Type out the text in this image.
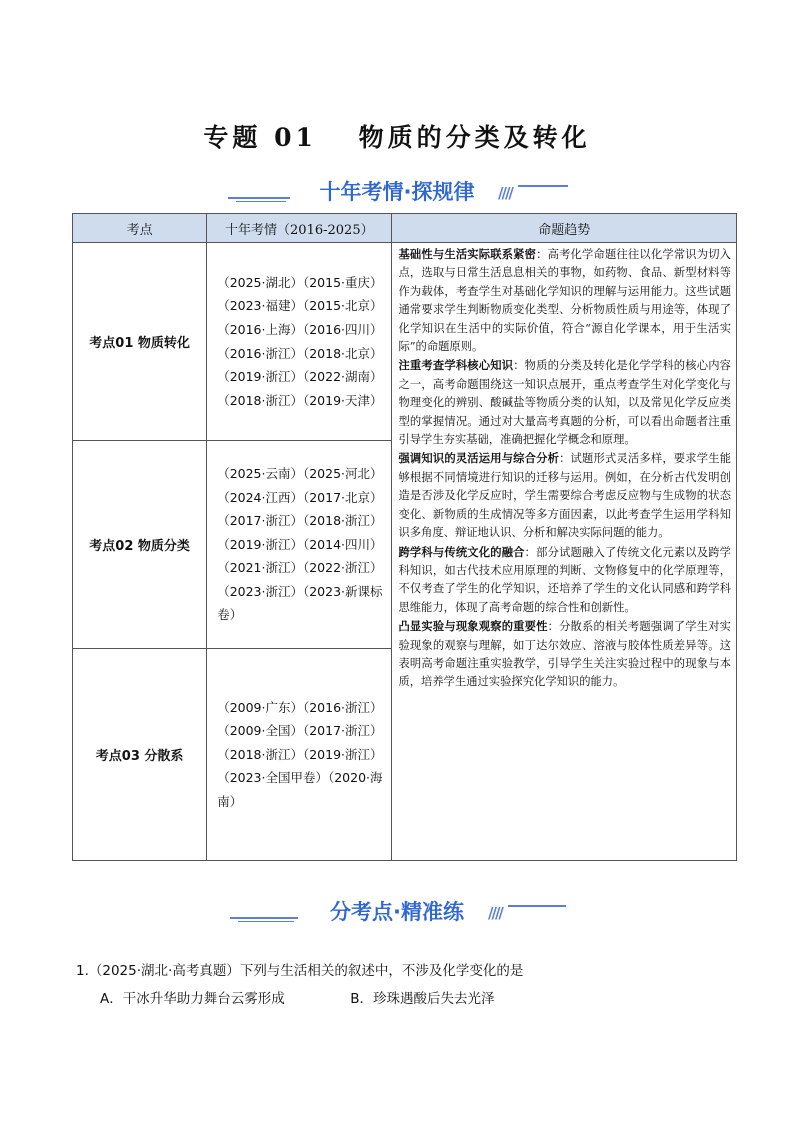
专题 01　 物质的分类及转化
十年考情·探规律	////
考点	十年考情（2016-2025）	命题趋势
考点01 物质转化	（2025·湖北）（2015·重庆）（2023·福建）（2015·北京）（2016·上海）（2016·四川）（2016·浙江）（2018·北京）（2019·浙江）（2022·湖南）（2018·浙江）（2019·天津）	基础性与生活实际联系紧密：高考化学命题往往以化学常识为切入点，选取与日常生活息息相关的事物，如药物、食品、新型材料等作为载体，考查学生对基础化学知识的理解与运用能力。这些试题通常要求学生判断物质变化类型、分析物质性质与用途等，体现了化学知识在生活中的实际价值，符合“源自化学课本，用于生活实际”的命题原则。

注重考查学科核心知识：物质的分类及转化是化学学科的核心内容之一，高考命题围绕这一知识点展开，重点考查学生对化学变化与物理变化的辨别、酸碱盐等物质分类的认知，以及常见化学反应类型的掌握情况。通过对大量高考真题的分析，可以看出命题者注重引导学生夯实基础，准确把握化学概念和原理。

强调知识的灵活运用与综合分析：试题形式灵活多样，要求学生能够根据不同情境进行知识的迁移与运用。例如，在分析古代发明创造是否涉及化学反应时，学生需要综合考虑反应物与生成物的状态变化、新物质的生成情况等多方面因素，以此考查学生运用学科知识多角度、辩证地认识、分析和解决实际问题的能力。

跨学科与传统文化的融合：部分试题融入了传统文化元素以及跨学科知识，如古代技术应用原理的判断、文物修复中的化学原理等，不仅考查了学生的化学知识，还培养了学生的文化认同感和跨学科思维能力，体现了高考命题的综合性和创新性。

凸显实验与现象观察的重要性：分散系的相关考题强调了学生对实验现象的观察与理解，如丁达尔效应、溶液与胶体性质差异等。这表明高考命题注重实验教学，引导学生关注实验过程中的现象与本质，培养学生通过实验探究化学知识的能力。

考点02 物质分类	（2025·云南）（2025·河北）（2024·江西）（2017·北京）（2017·浙江）（2018·浙江）（2019·浙江）（2014·四川）（2021·浙江）（2022·浙江）（2023·浙江）（2023·新课标卷）	
考点03 分散系	（2009·广东）（2016·浙江）（2009·全国）（2017·浙江）（2018·浙江）（2019·浙江）（2023·全国甲卷）（2020·海南）	
分考点·精准练	////
1.（2025·湖北·高考真题）下列与生活相关的叙述中，不涉及化学变化的是
A．干冰升华助力舞台云雾形成	B．珍珠遇酸后失去光泽
